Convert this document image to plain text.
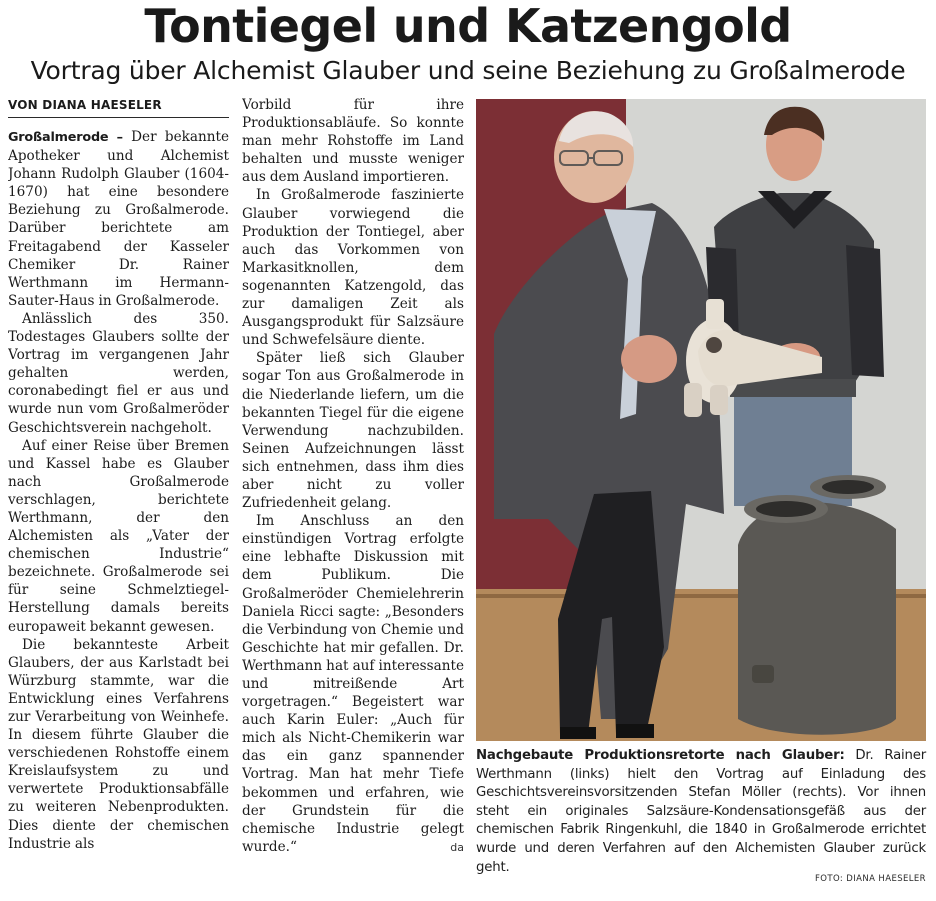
Tontiegel und Katzengold
Vortrag über Alchemist Glauber und seine Beziehung zu Großalmerode
VON DIANA HAESELER

Großalmerode – Der bekannte Apotheker und Alchemist Johann Rudolph Glauber (1604-1670) hat eine besondere Beziehung zu Großalmerode. Darüber berichtete am Freitagabend der Kasseler Chemiker Dr. Rainer Werthmann im Hermann-Sauter-Haus in Großalmerode.

Anlässlich des 350. Todestages Glaubers sollte der Vortrag im vergangenen Jahr gehalten werden, coronabedingt fiel er aus und wurde nun vom Großalmeröder Geschichtsverein nachgeholt.

Auf einer Reise über Bremen und Kassel habe es Glauber nach Großalmerode verschlagen, berichtete Werthmann, der den Alchemisten als „Vater der chemischen Industrie“ bezeichnete. Großalmerode sei für seine Schmelztiegel-Herstellung damals bereits europaweit bekannt gewesen.

Die bekannteste Arbeit Glaubers, der aus Karlstadt bei Würzburg stammte, war die Entwicklung eines Verfahrens zur Verarbeitung von Weinhefe. In diesem führte Glauber die verschiedenen Rohstoffe einem Kreislaufsystem zu und verwertete Produktionsabfälle zu weiteren Nebenprodukten. Dies diente der chemischen Industrie als

Vorbild für ihre Produktionsabläufe. So konnte man mehr Rohstoffe im Land behalten und musste weniger aus dem Ausland importieren.

In Großalmerode faszinierte Glauber vorwiegend die Produktion der Tontiegel, aber auch das Vorkommen von Markasitknollen, dem sogenannten Katzengold, das zur damaligen Zeit als Ausgangsprodukt für Salzsäure und Schwefelsäure diente.

Später ließ sich Glauber sogar Ton aus Großalmerode in die Niederlande liefern, um die bekannten Tiegel für die eigene Verwendung nachzubilden. Seinen Aufzeichnungen lässt sich entnehmen, dass ihm dies aber nicht zu voller Zufriedenheit gelang.

Im Anschluss an den einstündigen Vortrag erfolgte eine lebhafte Diskussion mit dem Publikum. Die Großalmeröder Chemielehrerin Daniela Ricci sagte: „Besonders die Verbindung von Chemie und Geschichte hat mir gefallen. Dr. Werthmann hat auf interessante und mitreißende Art vorgetragen.“ Begeistert war auch Karin Euler: „Auch für mich als Nicht-Chemikerin war das ein ganz spannender Vortrag. Man hat mehr Tiefe bekommen und erfahren, wie der Grundstein für die chemische Industrie gelegt wurde.“	da

Nachgebaute Produktionsretorte nach Glauber: Dr. Rainer Werthmann (links) hielt den Vortrag auf Einladung des Geschichtsvereinsvorsitzenden Stefan Möller (rechts). Vor ihnen steht ein originales Salzsäure-Kondensationsgefäß aus der chemischen Fabrik Ringenkuhl, die 1840 in Großalmerode errichtet wurde und deren Verfahren auf den Alchemisten Glauber zurück geht.
FOTO: DIANA HAESELER
